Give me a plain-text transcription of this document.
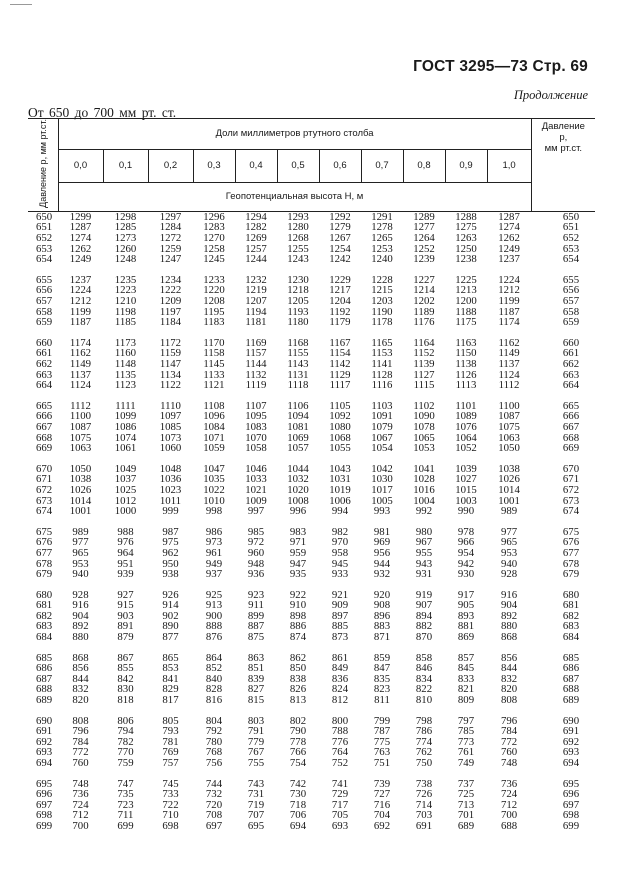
ГОСТ 3295—73 Стр. 69
Продолжение
От 650 до 700 мм рт. ст.
Давление p, мм рт.ст.	Доли миллиметров ртутного столба											Давление
p,
мм рт.ст.

	0,0	0,1	0,2	0,3	0,4	0,5	0,6	0,7	0,8	0,9	1,0	
	Геопотенциальная высота H, м											
650	1299	1298	1297	1296	1294	1293	1292	1291	1289	1288	1287	650
651	1287	1285	1284	1283	1282	1280	1279	1278	1277	1275	1274	651
652	1274	1273	1272	1270	1269	1268	1267	1265	1264	1263	1262	652
653	1262	1260	1259	1258	1257	1255	1254	1253	1252	1250	1249	653
654	1249	1248	1247	1245	1244	1243	1242	1240	1239	1238	1237	654

655	1237	1235	1234	1233	1232	1230	1229	1228	1227	1225	1224	655
656	1224	1223	1222	1220	1219	1218	1217	1215	1214	1213	1212	656
657	1212	1210	1209	1208	1207	1205	1204	1203	1202	1200	1199	657
658	1199	1198	1197	1195	1194	1193	1192	1190	1189	1188	1187	658
659	1187	1185	1184	1183	1181	1180	1179	1178	1176	1175	1174	659

660	1174	1173	1172	1170	1169	1168	1167	1165	1164	1163	1162	660
661	1162	1160	1159	1158	1157	1155	1154	1153	1152	1150	1149	661
662	1149	1148	1147	1145	1144	1143	1142	1141	1139	1138	1137	662
663	1137	1135	1134	1133	1132	1131	1129	1128	1127	1126	1124	663
664	1124	1123	1122	1121	1119	1118	1117	1116	1115	1113	1112	664

665	1112	1111	1110	1108	1107	1106	1105	1103	1102	1101	1100	665
666	1100	1099	1097	1096	1095	1094	1092	1091	1090	1089	1087	666
667	1087	1086	1085	1084	1083	1081	1080	1079	1078	1076	1075	667
668	1075	1074	1073	1071	1070	1069	1068	1067	1065	1064	1063	668
669	1063	1061	1060	1059	1058	1057	1055	1054	1053	1052	1050	669

670	1050	1049	1048	1047	1046	1044	1043	1042	1041	1039	1038	670
671	1038	1037	1036	1035	1033	1032	1031	1030	1028	1027	1026	671
672	1026	1025	1023	1022	1021	1020	1019	1017	1016	1015	1014	672
673	1014	1012	1011	1010	1009	1008	1006	1005	1004	1003	1001	673
674	1001	1000	999	998	997	996	994	993	992	990	989	674

675	989	988	987	986	985	983	982	981	980	978	977	675
676	977	976	975	973	972	971	970	969	967	966	965	676
677	965	964	962	961	960	959	958	956	955	954	953	677
678	953	951	950	949	948	947	945	944	943	942	940	678
679	940	939	938	937	936	935	933	932	931	930	928	679

680	928	927	926	925	923	922	921	920	919	917	916	680
681	916	915	914	913	911	910	909	908	907	905	904	681
682	904	903	902	900	899	898	897	896	894	893	892	682
683	892	891	890	888	887	886	885	883	882	881	880	683
684	880	879	877	876	875	874	873	871	870	869	868	684

685	868	867	865	864	863	862	861	859	858	857	856	685
686	856	855	853	852	851	850	849	847	846	845	844	686
687	844	842	841	840	839	838	836	835	834	833	832	687
688	832	830	829	828	827	826	824	823	822	821	820	688
689	820	818	817	816	815	813	812	811	810	809	808	689

690	808	806	805	804	803	802	800	799	798	797	796	690
691	796	794	793	792	791	790	788	787	786	785	784	691
692	784	782	781	780	779	778	776	775	774	773	772	692
693	772	770	769	768	767	766	764	763	762	761	760	693
694	760	759	757	756	755	754	752	751	750	749	748	694

695	748	747	745	744	743	742	741	739	738	737	736	695
696	736	735	733	732	731	730	729	727	726	725	724	696
697	724	723	722	720	719	718	717	716	714	713	712	697
698	712	711	710	708	707	706	705	704	703	701	700	698
699	700	699	698	697	695	694	693	692	691	689	688	699
